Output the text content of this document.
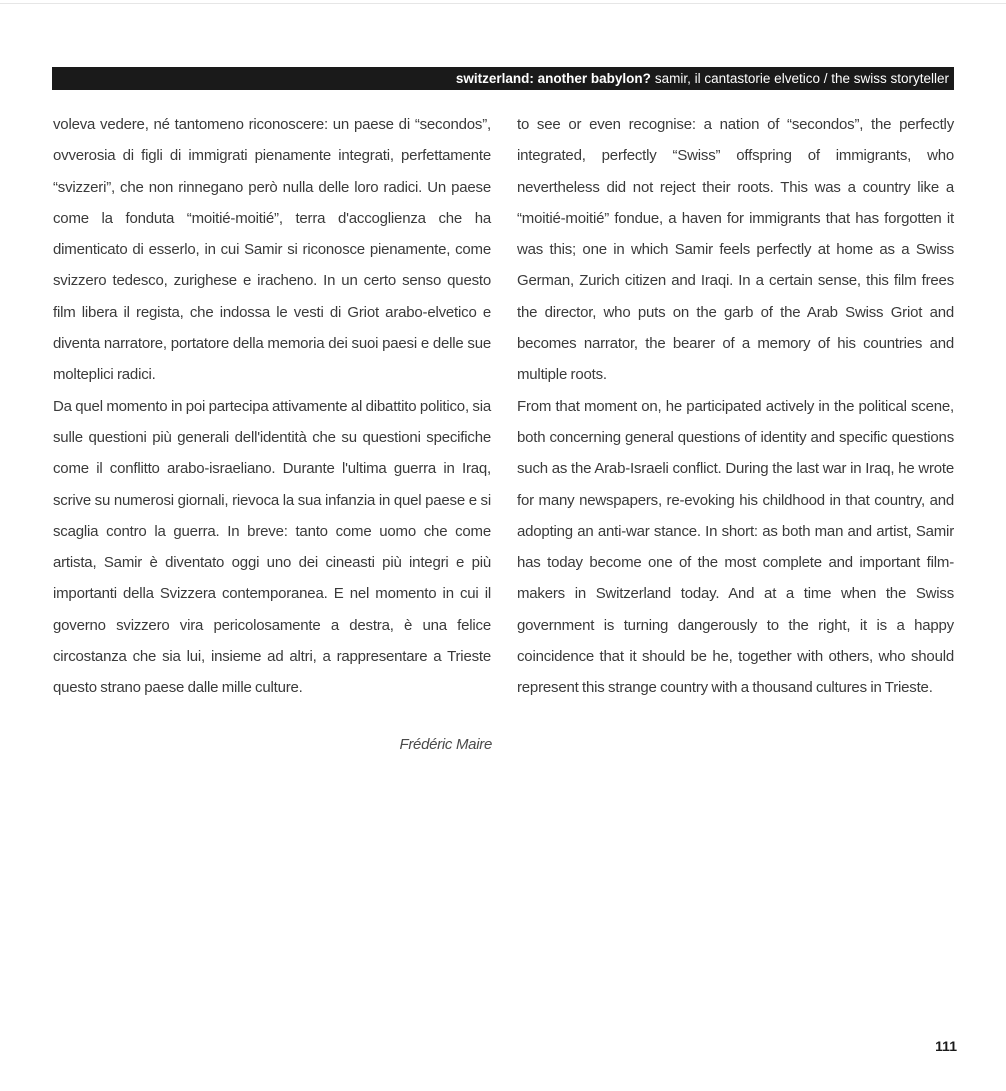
switzerland: another babylon? samir, il cantastorie elvetico / the swiss storyteller

voleva vedere, né tantomeno riconoscere: un paese di “secondos”, ovverosia di figli di immigrati pienamente integrati, perfettamente “svizzeri”, che non rinnegano però nulla delle loro radici. Un paese come la fonduta “moitié-moitié”, terra d'accoglienza che ha dimenticato di esserlo, in cui Samir si riconosce pienamente, come svizzero tedesco, zurighese e iracheno. In un certo senso questo film libera il regista, che indossa le vesti di Griot arabo-elvetico e diventa narratore, portatore della memoria dei suoi paesi e delle sue molteplici radici.

Da quel momento in poi partecipa attivamente al dibattito politico, sia sulle questioni più generali dell'identità che su questioni specifiche come il conflitto arabo-israeliano. Durante l'ultima guerra in Iraq, scrive su numerosi giornali, rievoca la sua infanzia in quel paese e si scaglia contro la guerra. In breve: tanto come uomo che come artista, Samir è diventato oggi uno dei cineasti più integri e più importanti della Svizzera contemporanea. E nel momento in cui il governo svizzero vira pericolosamente a destra, è una felice circostanza che sia lui, insieme ad altri, a rappresentare a Trieste questo strano paese dalle mille culture.

Frédéric Maire

to see or even recognise: a nation of “secondos”, the perfectly integrated, perfectly “Swiss” offspring of immigrants, who nevertheless did not reject their roots. This was a country like a “moitié-moitié” fondue, a haven for immigrants that has forgotten it was this; one in which Samir feels perfectly at home as a Swiss German, Zurich citizen and Iraqi. In a certain sense, this film frees the director, who puts on the garb of the Arab Swiss Griot and becomes narrator, the bearer of a memory of his countries and multiple roots.

From that moment on, he participated actively in the political scene, both concerning general questions of identity and specific questions such as the Arab-Israeli conflict. During the last war in Iraq, he wrote for many newspapers, re-evoking his childhood in that country, and adopting an anti-war stance. In short: as both man and artist, Samir has today become one of the most complete and important film-makers in Switzerland today. And at a time when the Swiss government is turning dangerously to the right, it is a happy coincidence that it should be he, together with others, who should represent this strange country with a thousand cultures in Trieste.

111
